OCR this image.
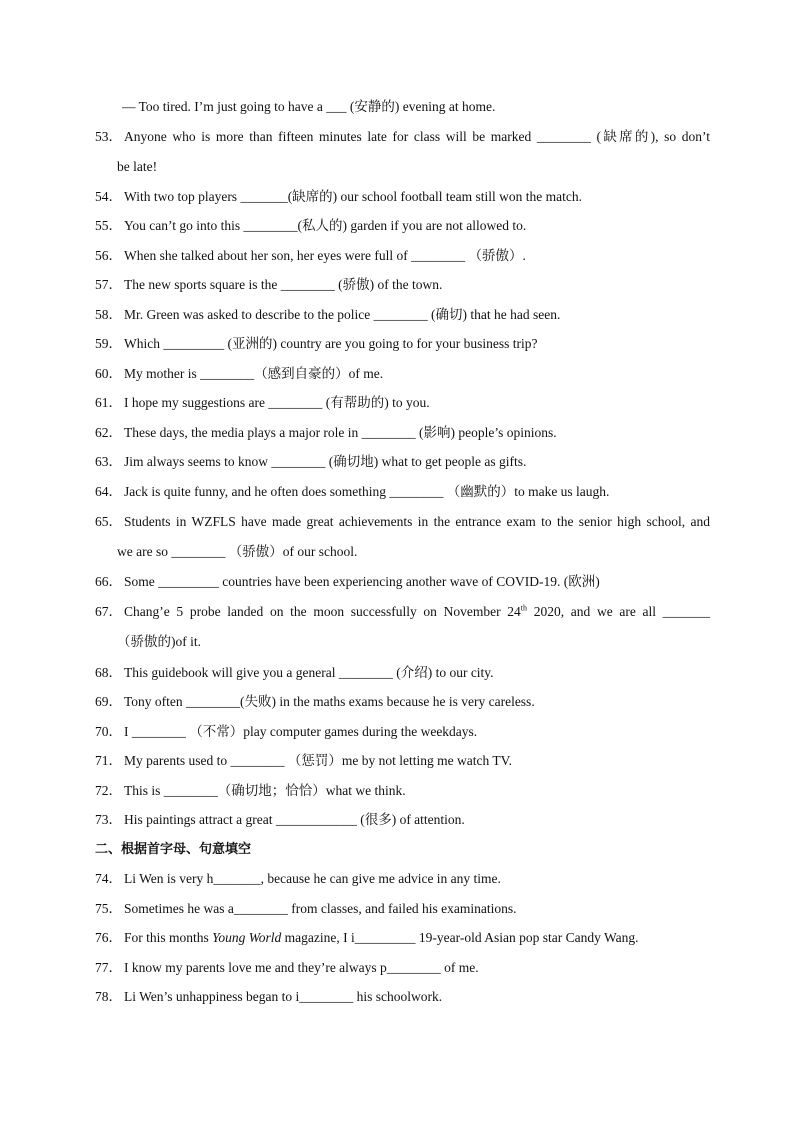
— Too tired. I’m just going to have a ___ (安静的) evening at home.
53． Anyone who is more than fifteen minutes late for class will be marked ________ (缺席的), so don’t
be late!
54． With two top players _______(缺席的) our school football team still won the match.
55． You can’t go into this ________(私人的) garden if you are not allowed to.
56． When she talked about her son, her eyes were full of ________ （骄傲）.
57． The new sports square is the ________ (骄傲) of the town.
58． Mr. Green was asked to describe to the police ________ (确切) that he had seen.
59． Which _________ (亚洲的) country are you going to for your business trip?
60． My mother is ________（感到自豪的）of me.
61． I hope my suggestions are ________ (有帮助的) to you.
62． These days, the media plays a major role in ________ (影响) people’s opinions.
63． Jim always seems to know ________ (确切地) what to get people as gifts.
64． Jack is quite funny, and he often does something ________ （幽默的）to make us laugh.
65． Students in WZFLS have made great achievements in the entrance exam to the senior high school, and
we are so ________ （骄傲）of our school.
66． Some _________ countries have been experiencing another wave of COVID-19. (欧洲)
67． Chang’e 5 probe landed on the moon successfully on November 24th 2020, and we are all _______
（骄傲的)of it.
68． This guidebook will give you a general ________ (介绍) to our city.
69． Tony often ________(失败) in the maths exams because he is very careless.
70． I ________ （不常）play computer games during the weekdays.
71． My parents used to ________ （惩罚）me by not letting me watch TV.
72． This is ________（确切地；恰恰）what we think.
73． His paintings attract a great ____________ (很多) of attention.
二、根据首字母、句意填空
74． Li Wen is very h_______, because he can give me advice in any time.
75． Sometimes he was a________ from classes, and failed his examinations.
76． For this months Young World magazine, I i_________ 19-year-old Asian pop star Candy Wang.
77． I know my parents love me and they’re always p________ of me.
78． Li Wen’s unhappiness began to i________ his schoolwork.
